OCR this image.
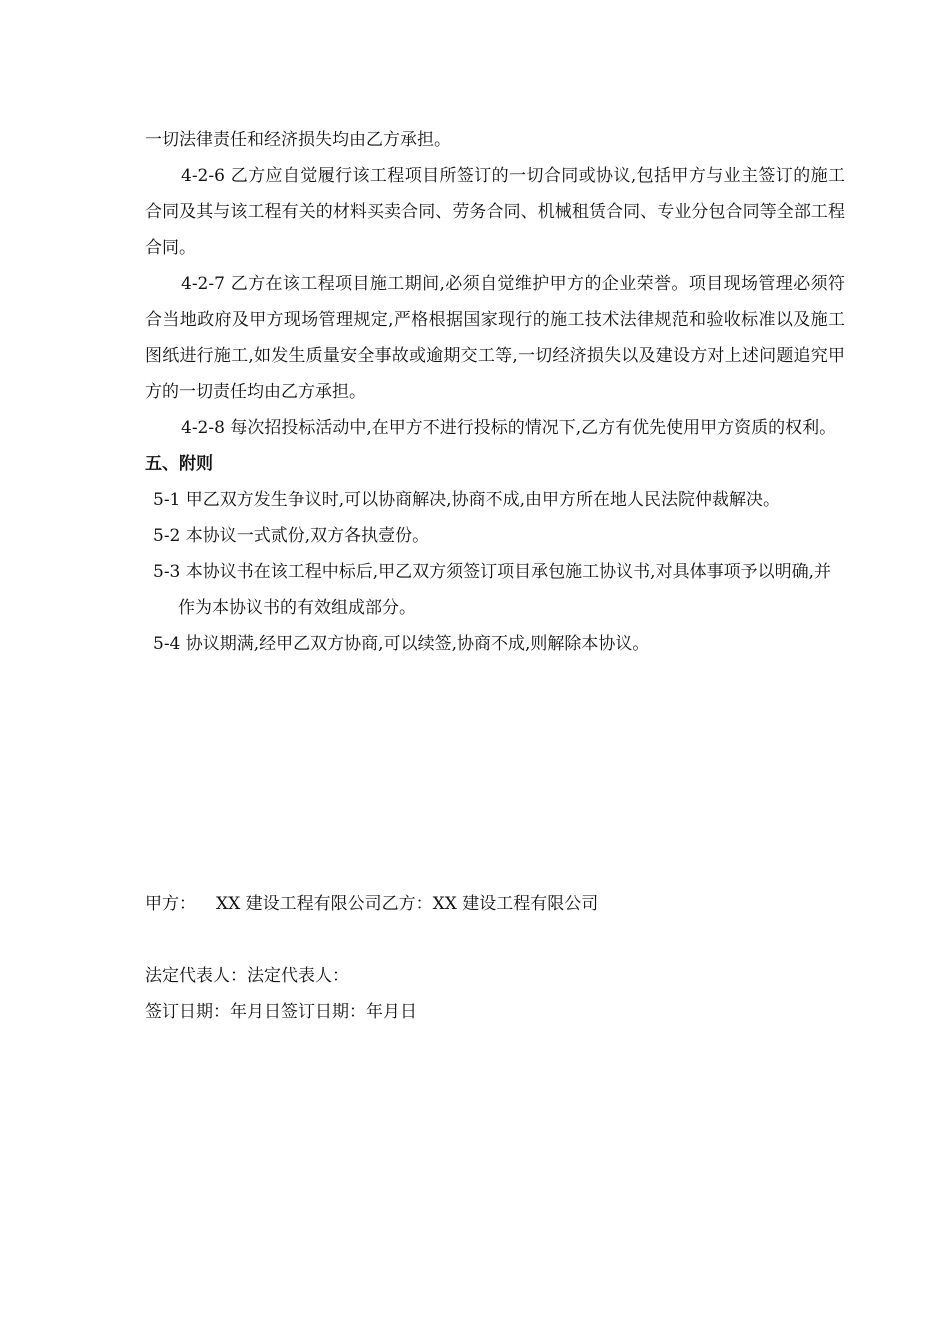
一切法律责任和经济损失均由乙方承担。

4-2-6 乙方应自觉履行该工程项目所签订的一切合同或协议,包括甲方与业主签订的施工合同及其与该工程有关的材料买卖合同、劳务合同、机械租赁合同、专业分包合同等全部工程合同。

4-2-7 乙方在该工程项目施工期间,必须自觉维护甲方的企业荣誉。项目现场管理必须符合当地政府及甲方现场管理规定,严格根据国家现行的施工技术法律规范和验收标准以及施工图纸进行施工,如发生质量安全事故或逾期交工等,一切经济损失以及建设方对上述问题追究甲方的一切责任均由乙方承担。

4-2-8 每次招投标活动中,在甲方不进行投标的情况下,乙方有优先使用甲方资质的权利。

五、附则

5-1 甲乙双方发生争议时,可以协商解决,协商不成,由甲方所在地人民法院仲裁解决。

5-2 本协议一式贰份,双方各执壹份。

5-3 本协议书在该工程中标后,甲乙双方须签订项目承包施工协议书,对具体事项予以明确,并作为本协议书的有效组成部分。

5-4 协议期满,经甲乙双方协商,可以续签,协商不成,则解除本协议。

甲方： XX 建设工程有限公司乙方：XX 建设工程有限公司
法定代表人：法定代表人：
签订日期：年月日签订日期：年月日
